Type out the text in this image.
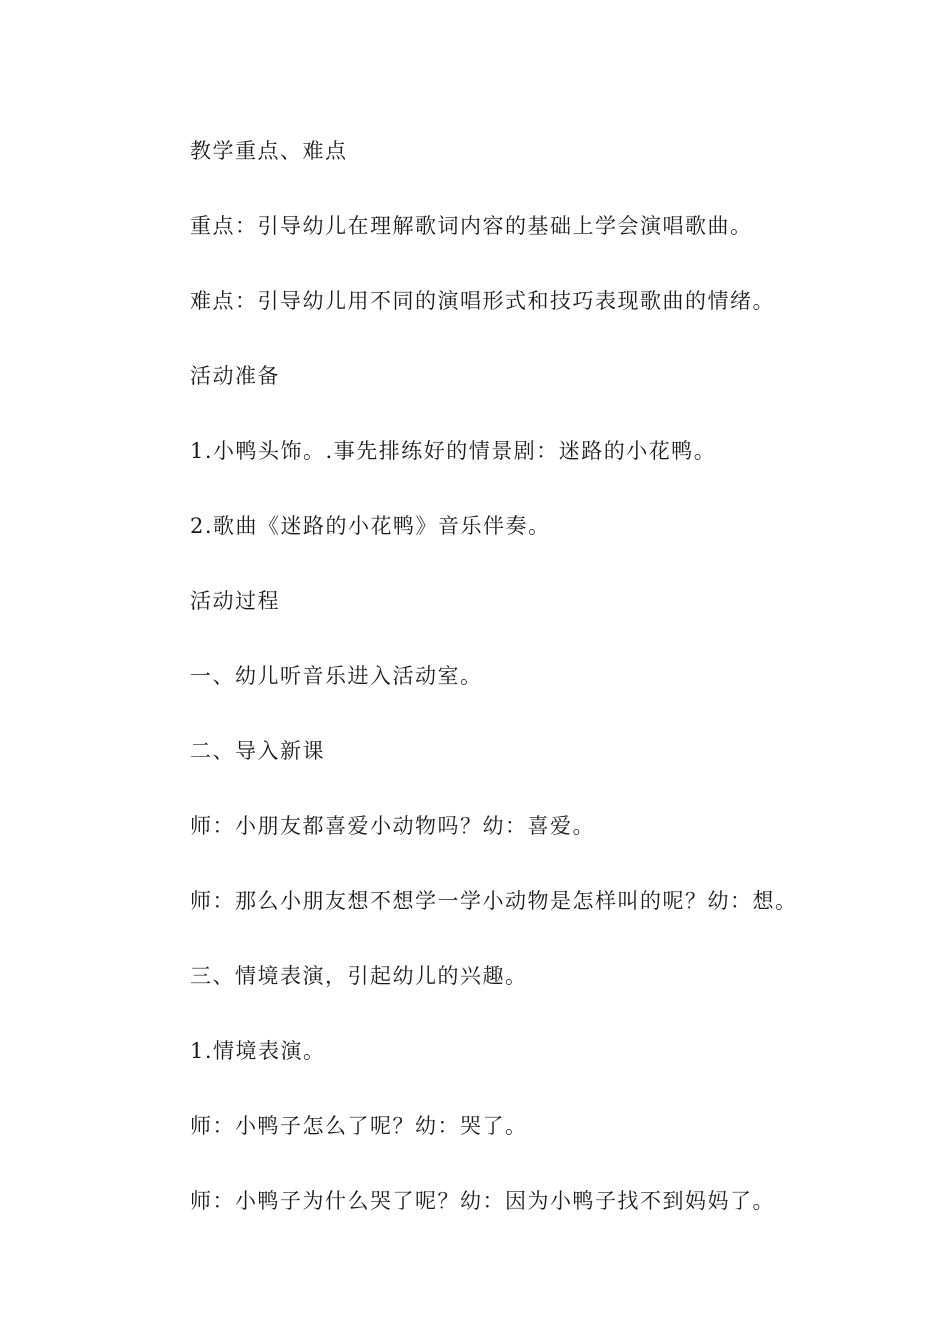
教学重点、难点

重点：引导幼儿在理解歌词内容的基础上学会演唱歌曲。

难点：引导幼儿用不同的演唱形式和技巧表现歌曲的情绪。

活动准备

1.小鸭头饰。.事先排练好的情景剧：迷路的小花鸭。

2.歌曲《迷路的小花鸭》音乐伴奏。

活动过程

一、幼儿听音乐进入活动室。

二、导入新课

师：小朋友都喜爱小动物吗？幼：喜爱。

师：那么小朋友想不想学一学小动物是怎样叫的呢？幼：想。

三、情境表演，引起幼儿的兴趣。

1.情境表演。

师：小鸭子怎么了呢？幼：哭了。

师：小鸭子为什么哭了呢？幼：因为小鸭子找不到妈妈了。
